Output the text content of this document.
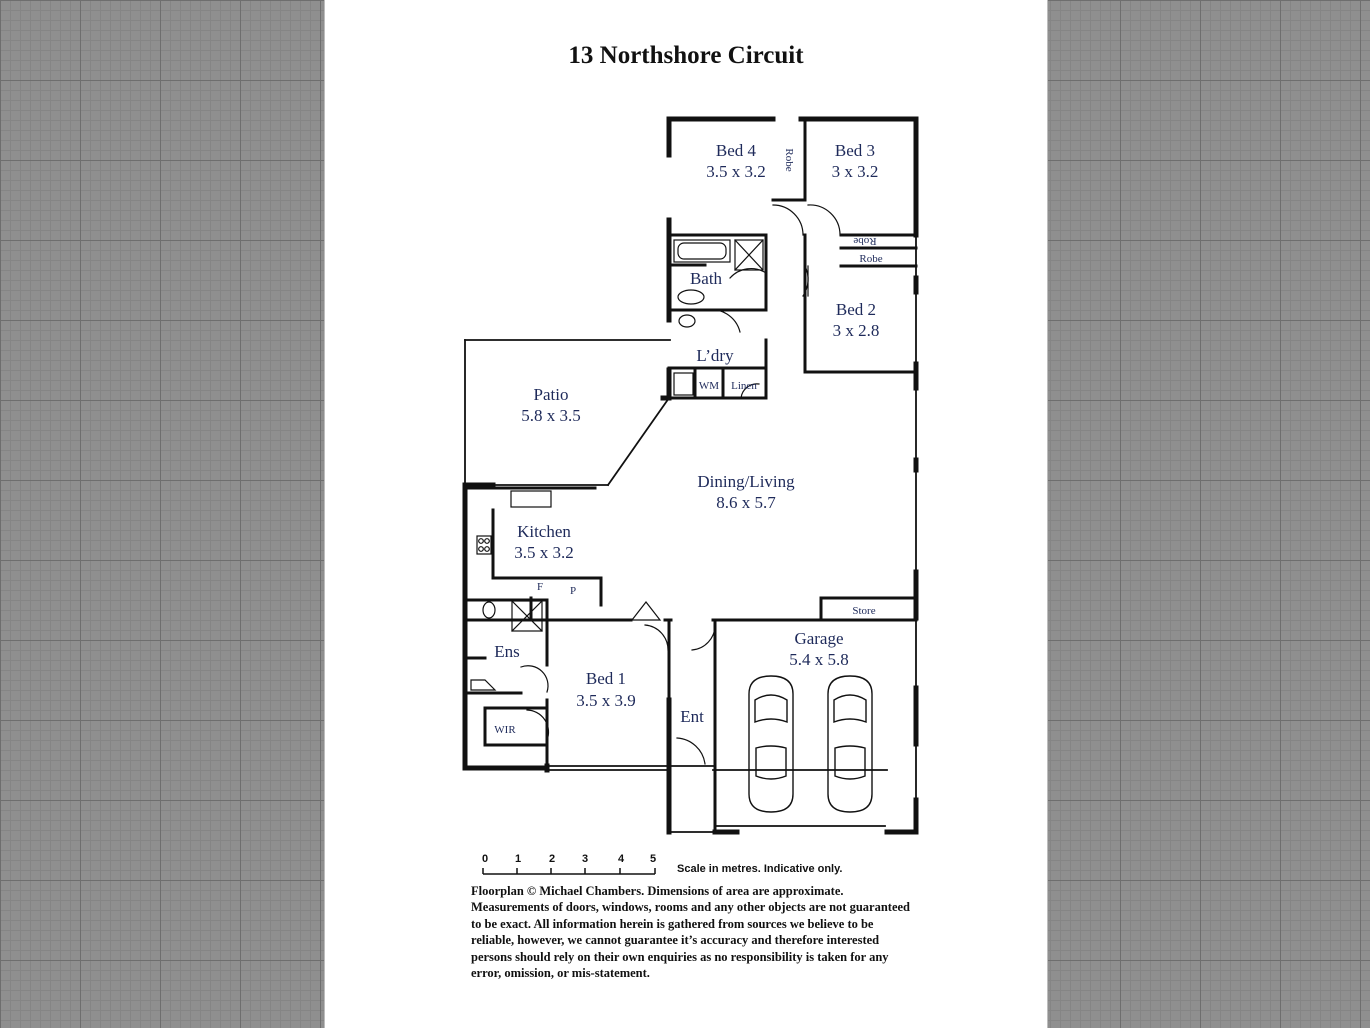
13 Northshore Circuit
Bed 4
3.5 x 3.2
Bed 3
3 x 3.2
Bed 2
3 x 2.8
Bath
L’dry
Patio
5.8 x 3.5
Dining/Living
8.6 x 5.7
Kitchen
3.5 x 3.2
Ens
Bed 1
3.5 x 3.9
Ent
Garage
5.4 x 5.8
Robe
Robe
Robe
WM Linen
F P
Store
WIR
0 1	2 3	4 5
Scale in metres. Indicative only.
Floorplan © Michael Chambers. Dimensions of area are approximate. Measurements of doors, windows, rooms and any other objects are not guaranteed to be exact. All information herein is gathered from sources we believe to be reliable, however, we cannot guarantee it’s accuracy and therefore interested persons should rely on their own enquiries as no responsibility is taken for any error, omission, or mis-statement.
